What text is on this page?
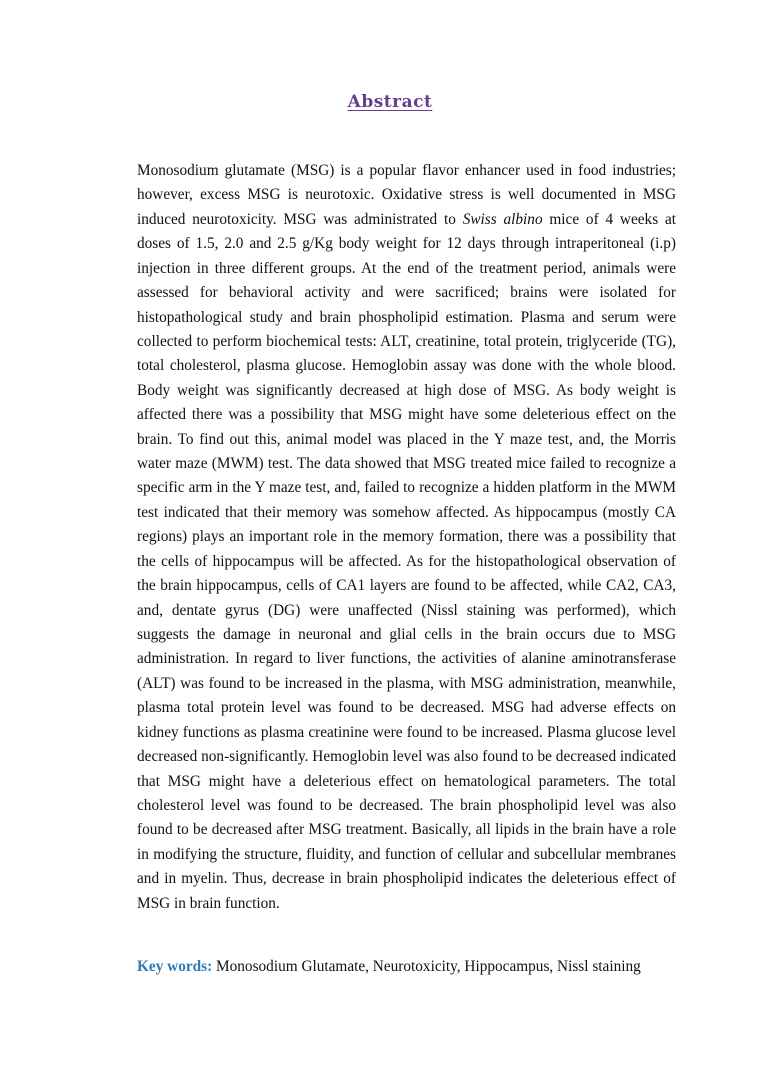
Abstract

Monosodium glutamate (MSG) is a popular flavor enhancer used in food industries; however, excess MSG is neurotoxic. Oxidative stress is well documented in MSG induced neurotoxicity. MSG was administrated to Swiss albino mice of 4 weeks at doses of 1.5, 2.0 and 2.5 g/Kg body weight for 12 days through intraperitoneal (i.p) injection in three different groups. At the end of the treatment period, animals were assessed for behavioral activity and were sacrificed; brains were isolated for histopathological study and brain phospholipid estimation. Plasma and serum were collected to perform biochemical tests: ALT, creatinine, total protein, triglyceride (TG), total cholesterol, plasma glucose. Hemoglobin assay was done with the whole blood. Body weight was significantly decreased at high dose of MSG. As body weight is affected there was a possibility that MSG might have some deleterious effect on the brain. To find out this, animal model was placed in the Y maze test, and, the Morris water maze (MWM) test. The data showed that MSG treated mice failed to recognize a specific arm in the Y maze test, and, failed to recognize a hidden platform in the MWM test indicated that their memory was somehow affected. As hippocampus (mostly CA regions) plays an important role in the memory formation, there was a possibility that the cells of hippocampus will be affected. As for the histopathological observation of the brain hippocampus, cells of CA1 layers are found to be affected, while CA2, CA3, and, dentate gyrus (DG) were unaffected (Nissl staining was performed), which suggests the damage in neuronal and glial cells in the brain occurs due to MSG administration. In regard to liver functions, the activities of alanine aminotransferase (ALT) was found to be increased in the plasma, with MSG administration, meanwhile, plasma total protein level was found to be decreased. MSG had adverse effects on kidney functions as plasma creatinine were found to be increased. Plasma glucose level decreased non-significantly. Hemoglobin level was also found to be decreased indicated that MSG might have a deleterious effect on hematological parameters. The total cholesterol level was found to be decreased. The brain phospholipid level was also found to be decreased after MSG treatment. Basically, all lipids in the brain have a role in modifying the structure, fluidity, and function of cellular and subcellular membranes and in myelin. Thus, decrease in brain phospholipid indicates the deleterious effect of MSG in brain function.

Key words: Monosodium Glutamate, Neurotoxicity, Hippocampus, Nissl staining
